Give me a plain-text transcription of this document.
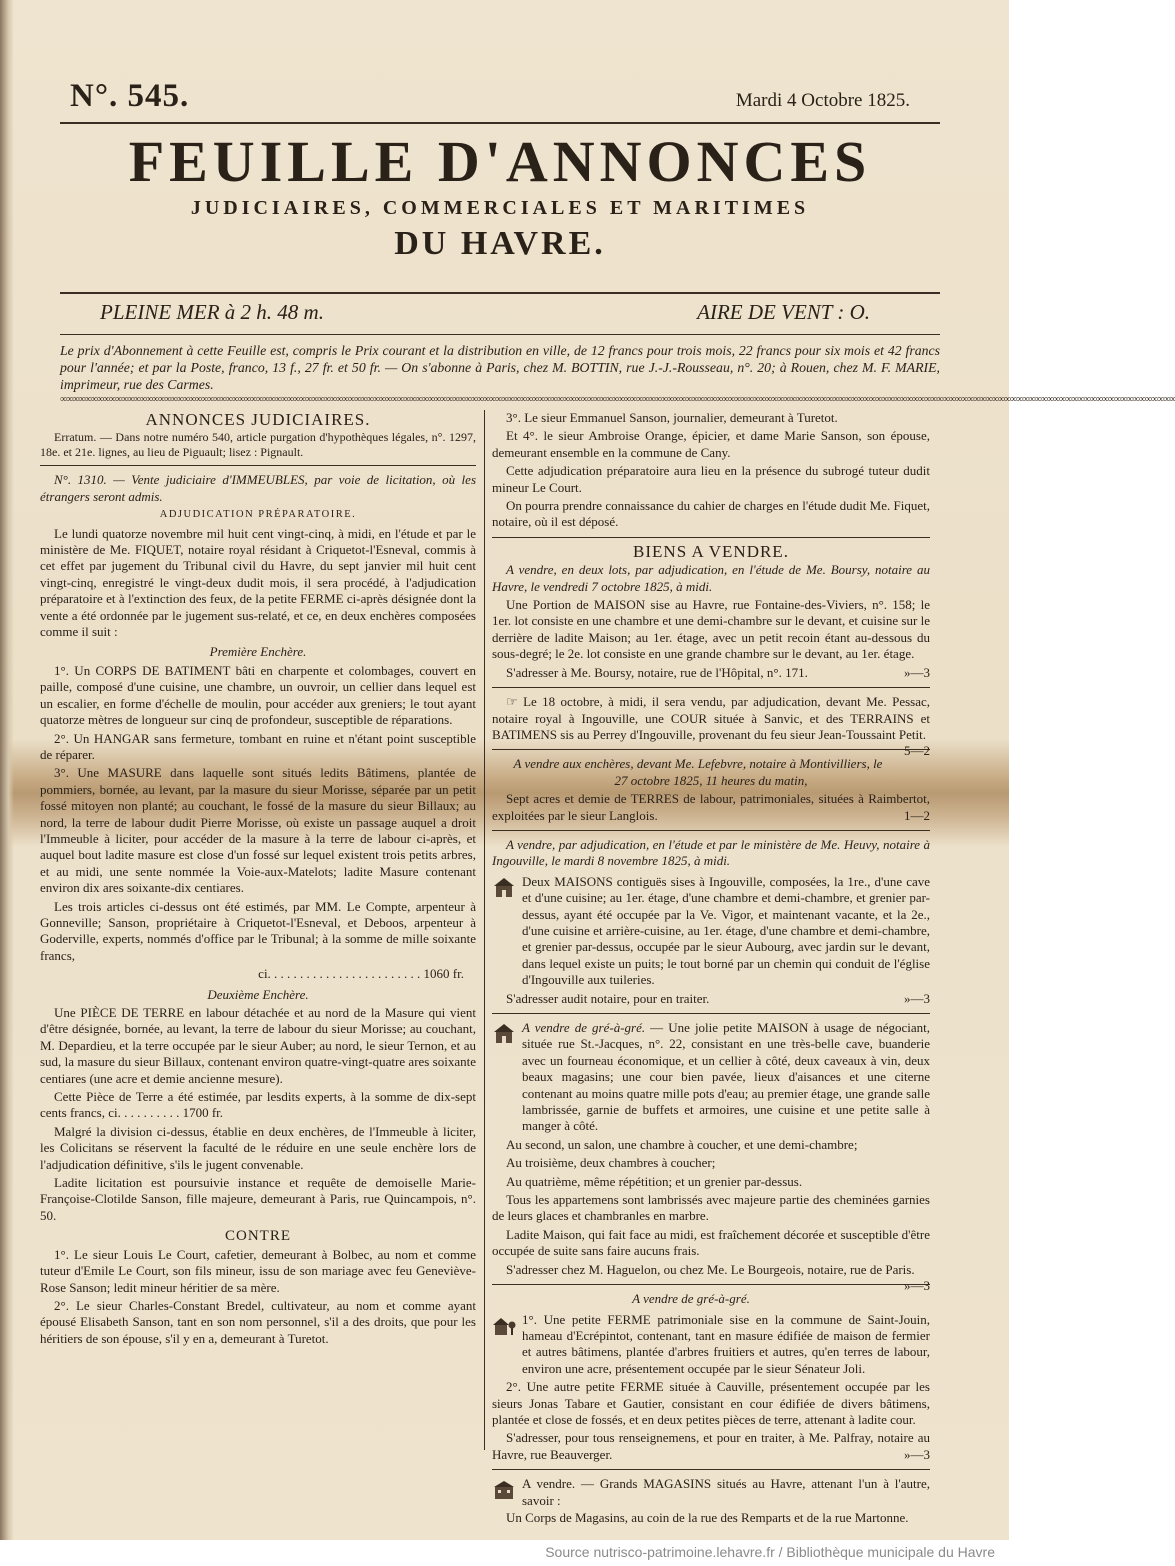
N°. 545.	Mardi 4 Octobre 1825.
FEUILLE D'ANNONCES
JUDICIAIRES, COMMERCIALES ET MARITIMES
DU HAVRE.
PLEINE MER à 2 h. 48 m.	AIRE DE VENT : O.
Le prix d'Abonnement à cette Feuille est, compris le Prix courant et la distribution en ville, de 12 francs pour trois mois, 22 francs pour six mois et 42 francs pour l'année; et par la Poste, franco, 13 f., 27 fr. et 50 fr. — On s'abonne à Paris, chez M. BOTTIN, rue J.-J.-Rousseau, n°. 20; à Rouen, chez M. F. MARIE, imprimeur, rue des Carmes.
∞∞∞∞∞∞∞∞∞∞∞∞∞∞∞∞∞∞∞∞∞∞∞∞∞∞∞∞∞∞∞∞∞∞∞∞∞∞∞∞∞∞∞∞∞∞∞∞∞∞∞∞∞∞∞∞∞∞∞∞∞∞∞∞∞∞∞∞∞∞∞∞∞∞∞∞∞∞∞∞∞∞∞∞∞∞∞∞∞∞∞∞∞∞∞∞∞∞∞∞∞∞∞∞∞∞∞∞∞∞∞∞∞∞∞∞∞∞∞∞∞∞∞∞∞∞∞∞∞∞∞∞∞∞∞∞∞∞∞∞∞∞∞∞∞∞∞∞∞∞∞∞∞∞∞∞∞∞∞∞∞∞∞∞∞∞∞∞∞∞∞∞∞∞∞∞∞∞∞∞∞∞
ANNONCES JUDICIAIRES.

Erratum. — Dans notre numéro 540, article purgation d'hypothèques légales, n°. 1297, 18e. et 21e. lignes, au lieu de Piguault; lisez : Pignault.

N°. 1310. — Vente judiciaire d'IMMEUBLES, par voie de licitation, où les étrangers seront admis.

ADJUDICATION PRÉPARATOIRE.

Le lundi quatorze novembre mil huit cent vingt-cinq, à midi, en l'étude et par le ministère de Me. FIQUET, notaire royal résidant à Criquetot-l'Esneval, commis à cet effet par jugement du Tribunal civil du Havre, du sept janvier mil huit cent vingt-cinq, enregistré le vingt-deux dudit mois, il sera procédé, à l'adjudication préparatoire et à l'extinction des feux, de la petite FERME ci-après désignée dont la vente a été ordonnée par le jugement sus-relaté, et ce, en deux enchères composées comme il suit :

Première Enchère.

1°. Un CORPS DE BATIMENT bâti en charpente et colombages, couvert en paille, composé d'une cuisine, une chambre, un ouvroir, un cellier dans lequel est un escalier, en forme d'échelle de moulin, pour accéder aux greniers; le tout ayant quatorze mètres de longueur sur cinq de profondeur, susceptible de réparations.

2°. Un HANGAR sans fermeture, tombant en ruine et n'étant point susceptible de réparer.

3°. Une MASURE dans laquelle sont situés ledits Bâtimens, plantée de pommiers, bornée, au levant, par la masure du sieur Morisse, séparée par un petit fossé mitoyen non planté; au couchant, le fossé de la masure du sieur Billaux; au nord, la terre de labour dudit Pierre Morisse, où existe un passage auquel a droit l'Immeuble à liciter, pour accéder de la masure à la terre de labour ci-après, et auquel bout ladite masure est close d'un fossé sur lequel existent trois petits arbres, et au midi, une sente nommée la Voie-aux-Matelots; ladite Masure contenant environ dix ares soixante-dix centiares.

Les trois articles ci-dessus ont été estimés, par MM. Le Compte, arpenteur à Gonneville; Sanson, propriétaire à Criquetot-l'Esneval, et Deboos, arpenteur à Goderville, experts, nommés d'office par le Tribunal; à la somme de mille soixante francs,

ci. . . . . . . . . . . . . . . . . . . . . . . . 1060 fr.
Deuxième Enchère.

Une PIÈCE DE TERRE en labour détachée et au nord de la Masure qui vient d'être désignée, bornée, au levant, la terre de labour du sieur Morisse; au couchant, M. Depardieu, et la terre occupée par le sieur Auber; au nord, le sieur Ternon, et au sud, la masure du sieur Billaux, contenant environ quatre-vingt-quatre ares soixante centiares (une acre et demie ancienne mesure).

Cette Pièce de Terre a été estimée, par lesdits experts, à la somme de dix-sept cents francs, ci. . . . . . . . . . 1700 fr.

Malgré la division ci-dessus, établie en deux enchères, de l'Immeuble à liciter, les Colicitans se réservent la faculté de le réduire en une seule enchère lors de l'adjudication définitive, s'ils le jugent convenable.

Ladite licitation est poursuivie instance et requête de demoiselle Marie-Françoise-Clotilde Sanson, fille majeure, demeurant à Paris, rue Quincampois, n°. 50.

CONTRE

1°. Le sieur Louis Le Court, cafetier, demeurant à Bolbec, au nom et comme tuteur d'Emile Le Court, son fils mineur, issu de son mariage avec feu Geneviève-Rose Sanson; ledit mineur héritier de sa mère.

2°. Le sieur Charles-Constant Bredel, cultivateur, au nom et comme ayant épousé Elisabeth Sanson, tant en son nom personnel, s'il a des droits, que pour les héritiers de son épouse, s'il y en a, demeurant à Turetot.

3°. Le sieur Emmanuel Sanson, journalier, demeurant à Turetot.

Et 4°. le sieur Ambroise Orange, épicier, et dame Marie Sanson, son épouse, demeurant ensemble en la commune de Cany.

Cette adjudication préparatoire aura lieu en la présence du subrogé tuteur dudit mineur Le Court.

On pourra prendre connaissance du cahier de charges en l'étude dudit Me. Fiquet, notaire, où il est déposé.

BIENS A VENDRE.

A vendre, en deux lots, par adjudication, en l'étude de Me. Boursy, notaire au Havre, le vendredi 7 octobre 1825, à midi.

Une Portion de MAISON sise au Havre, rue Fontaine-des-Viviers, n°. 158; le 1er. lot consiste en une chambre et une demi-chambre sur le devant, et cuisine sur le derrière de ladite Maison; au 1er. étage, avec un petit recoin étant au-dessous du sous-degré; le 2e. lot consiste en une grande chambre sur le devant, au 1er. étage.

S'adresser à Me. Boursy, notaire, rue de l'Hôpital, n°. 171.	»—3

☞ Le 18 octobre, à midi, il sera vendu, par adjudication, devant Me. Pessac, notaire royal à Ingouville, une COUR située à Sanvic, et des TERRAINS et BATIMENS sis au Perrey d'Ingouville, provenant du feu sieur Jean-Toussaint Petit.
5—2

A vendre aux enchères, devant Me. Lefebvre, notaire à Montivilliers, le 27 octobre 1825, 11 heures du matin,

Sept acres et demie de TERRES de labour, patrimoniales, situées à Raimbertot, exploitées par le sieur Langlois.	1—2

A vendre, par adjudication, en l'étude et par le ministère de Me. Heuvy, notaire à Ingouville, le mardi 8 novembre 1825, à midi.

Deux MAISONS contiguës sises à Ingouville, composées, la 1re., d'une cave et d'une cuisine; au 1er. étage, d'une chambre et demi-chambre, et grenier par-dessus, ayant été occupée par la Ve. Vigor, et maintenant vacante, et la 2e., d'une cuisine et arrière-cuisine, au 1er. étage, d'une chambre et demi-chambre, et grenier par-dessus, occupée par le sieur Aubourg, avec jardin sur le devant, dans lequel existe un puits; le tout borné par un chemin qui conduit de l'église d'Ingouville aux tuileries.

S'adresser audit notaire, pour en traiter.	»—3

A vendre de gré-à-gré. — Une jolie petite MAISON à usage de négociant, située rue St.-Jacques, n°. 22, consistant en une très-belle cave, buanderie avec un fourneau économique, et un cellier à côté, deux caveaux à vin, deux beaux magasins; une cour bien pavée, lieux d'aisances et une citerne contenant au moins quatre mille pots d'eau; au premier étage, une grande salle lambrissée, garnie de buffets et armoires, une cuisine et une petite salle à manger à côté.

Au second, un salon, une chambre à coucher, et une demi-chambre;

Au troisième, deux chambres à coucher;

Au quatrième, même répétition; et un grenier par-dessus.

Tous les appartemens sont lambrissés avec majeure partie des cheminées garnies de leurs glaces et chambranles en marbre.

Ladite Maison, qui fait face au midi, est fraîchement décorée et susceptible d'être occupée de suite sans faire aucuns frais.

S'adresser chez M. Haguelon, ou chez Me. Le Bourgeois, notaire, rue de Paris.
»—3

A vendre de gré-à-gré.

1°. Une petite FERME patrimoniale sise en la commune de Saint-Jouin, hameau d'Ecrépintot, contenant, tant en masure édifiée de maison de fermier et autres bâtimens, plantée d'arbres fruitiers et autres, qu'en terres de labour, environ une acre, présentement occupée par le sieur Sénateur Joli.

2°. Une autre petite FERME située à Cauville, présentement occupée par les sieurs Jonas Tabare et Gautier, consistant en cour édifiée de divers bâtimens, plantée et close de fossés, et en deux petites pièces de terre, attenant à ladite cour.

S'adresser, pour tous renseignemens, et pour en traiter, à Me. Palfray, notaire au Havre, rue Beauverger.	»—3

A vendre. — Grands MAGASINS situés au Havre, attenant l'un à l'autre, savoir :

Un Corps de Magasins, au coin de la rue des Remparts et de la rue Martonne.

Source nutrisco-patrimoine.lehavre.fr / Bibliothèque municipale du Havre
